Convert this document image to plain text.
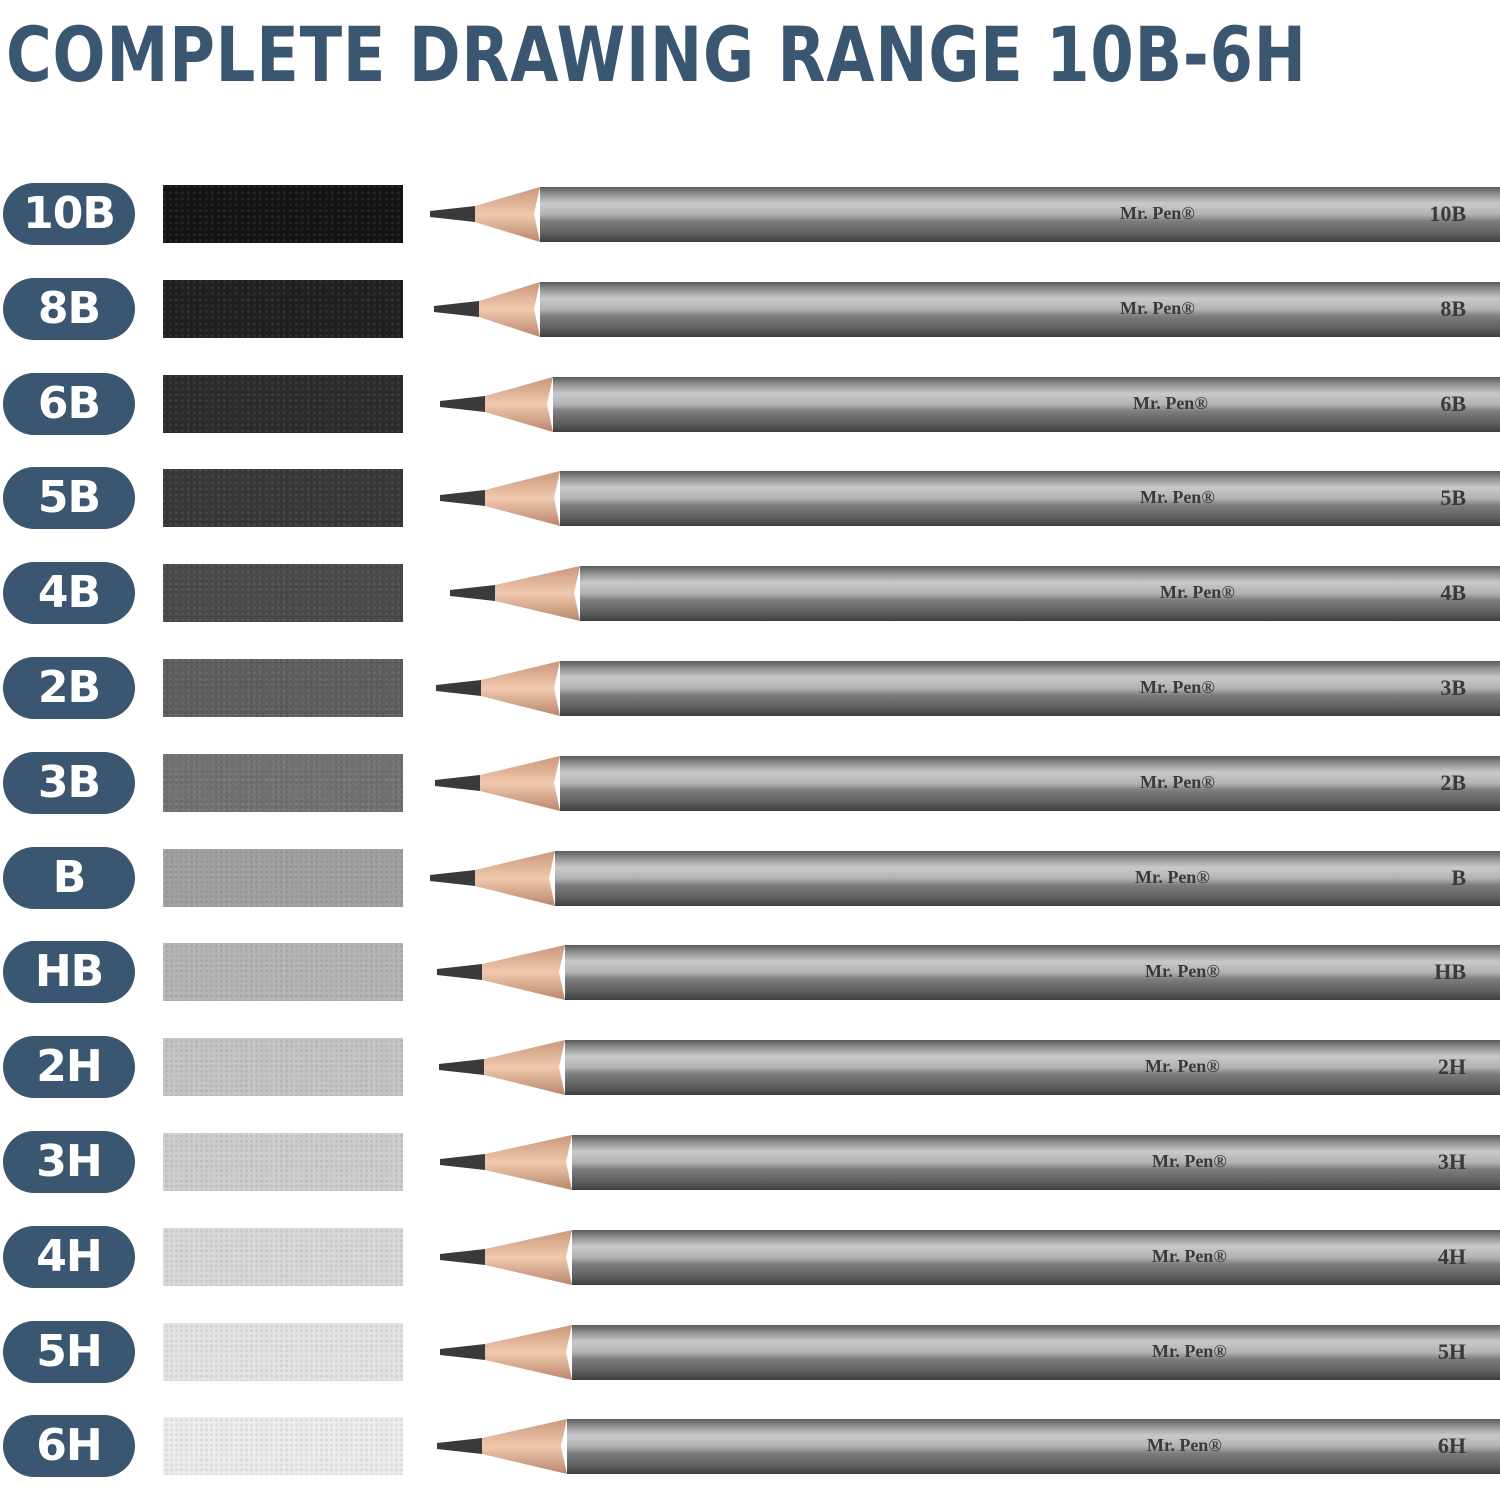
COMPLETE DRAWING RANGE 10B-6H
Mr. Pen®	10B
10B
Mr. Pen®	8B
8B
Mr. Pen®	6B
6B
Mr. Pen®	5B
5B
Mr. Pen®	4B
4B
Mr. Pen®	3B
2B
Mr. Pen®	2B
3B
Mr. Pen®	B
B
Mr. Pen®	HB
HB
Mr. Pen®	2H
2H
Mr. Pen®	3H
3H
Mr. Pen®	4H
4H
Mr. Pen®	5H
5H
Mr. Pen®	6H
6H
